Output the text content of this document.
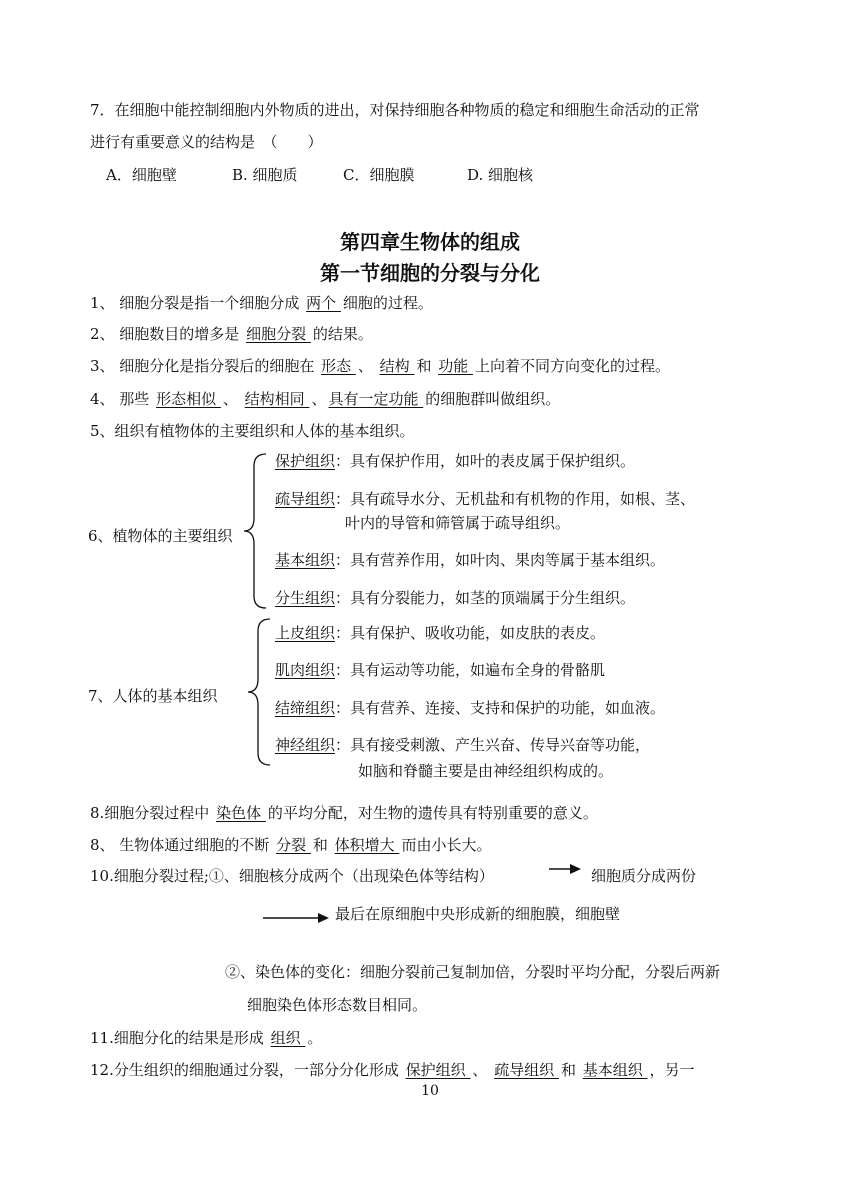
7．在细胞中能控制细胞内外物质的进出，对保持细胞各种物质的稳定和细胞生命活动的正常
进行有重要意义的结构是　（　　）
A．细胞壁	B. 细胞质	C．细胞膜	D. 细胞核
第四章生物体的组成
第一节细胞的分裂与分化
1、 细胞分裂是指一个细胞分成 两个 细胞的过程。
2、 细胞数目的增多是 细胞分裂 的结果。
3、 细胞分化是指分裂后的细胞在 形态 、 结构 和 功能 上向着不同方向变化的过程。
4、 那些 形态相似 、 结构相同 、 具有一定功能 的细胞群叫做组织。
5、组织有植物体的主要组织和人体的基本组织。
6、植物体的主要组织
保护组织：具有保护作用，如叶的表皮属于保护组织。
疏导组织：具有疏导水分、无机盐和有机物的作用，如根、茎、
叶内的导管和筛管属于疏导组织。
基本组织：具有营养作用，如叶肉、果肉等属于基本组织。
分生组织：具有分裂能力，如茎的顶端属于分生组织。
7、人体的基本组织
上皮组织：具有保护、吸收功能，如皮肤的表皮。
肌肉组织：具有运动等功能，如遍布全身的骨骼肌
结缔组织：具有营养、连接、支持和保护的功能，如血液。
神经组织：具有接受刺激、产生兴奋、传导兴奋等功能，
如脑和脊髓主要是由神经组织构成的。
8.细胞分裂过程中 染色体 的平均分配，对生物的遗传具有特别重要的意义。
8、 生物体通过细胞的不断 分裂 和 体积增大 而由小长大。
10.细胞分裂过程;①、细胞核分成两个（出现染色体等结构）	细胞质分成两份
最后在原细胞中央形成新的细胞膜，细胞壁
②、染色体的变化：细胞分裂前己复制加倍，分裂时平均分配，分裂后两新
细胞染色体形态数目相同。
11.细胞分化的结果是形成 组织 。
12.分生组织的细胞通过分裂，一部分分化形成 保护组织 、 疏导组织 和 基本组织 ，另一
10
